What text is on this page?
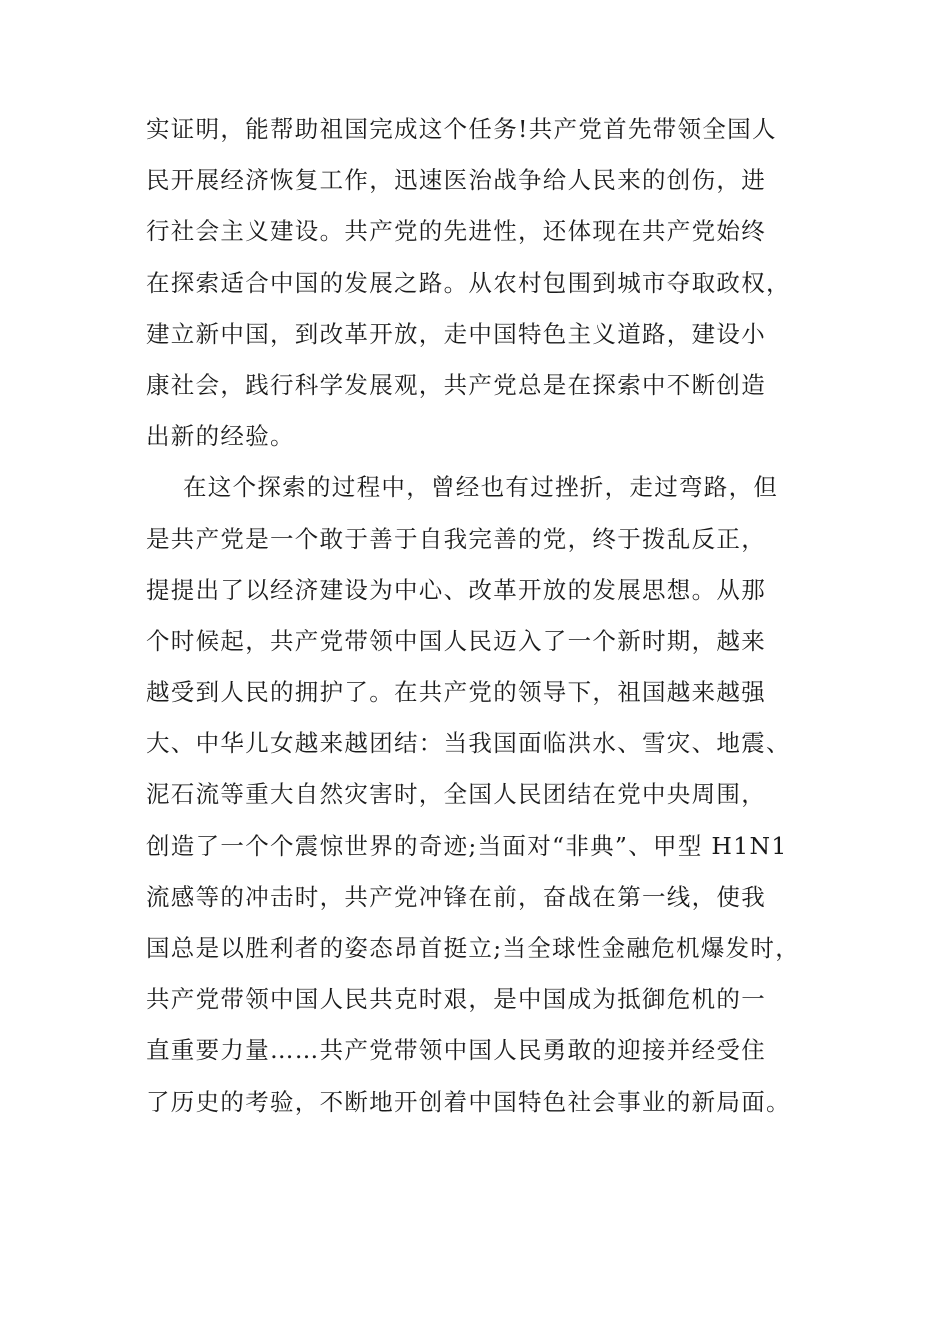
实证明，能帮助祖国完成这个任务!共产党首先带领全国人
民开展经济恢复工作，迅速医治战争给人民来的创伤，进
行社会主义建设。共产党的先进性，还体现在共产党始终
在探索适合中国的发展之路。从农村包围到城市夺取政权，
建立新中国，到改革开放，走中国特色主义道路，建设小
康社会，践行科学发展观，共产党总是在探索中不断创造
出新的经验。
在这个探索的过程中，曾经也有过挫折，走过弯路，但
是共产党是一个敢于善于自我完善的党，终于拨乱反正，
提提出了以经济建设为中心、改革开放的发展思想。从那
个时候起，共产党带领中国人民迈入了一个新时期，越来
越受到人民的拥护了。在共产党的领导下，祖国越来越强
大、中华儿女越来越团结：当我国面临洪水、雪灾、地震、
泥石流等重大自然灾害时，全国人民团结在党中央周围，
创造了一个个震惊世界的奇迹;当面对“非典”、甲型 H1N1
流感等的冲击时，共产党冲锋在前，奋战在第一线，使我
国总是以胜利者的姿态昂首挺立;当全球性金融危机爆发时，
共产党带领中国人民共克时艰，是中国成为抵御危机的一
直重要力量……共产党带领中国人民勇敢的迎接并经受住
了历史的考验，不断地开创着中国特色社会事业的新局面。
